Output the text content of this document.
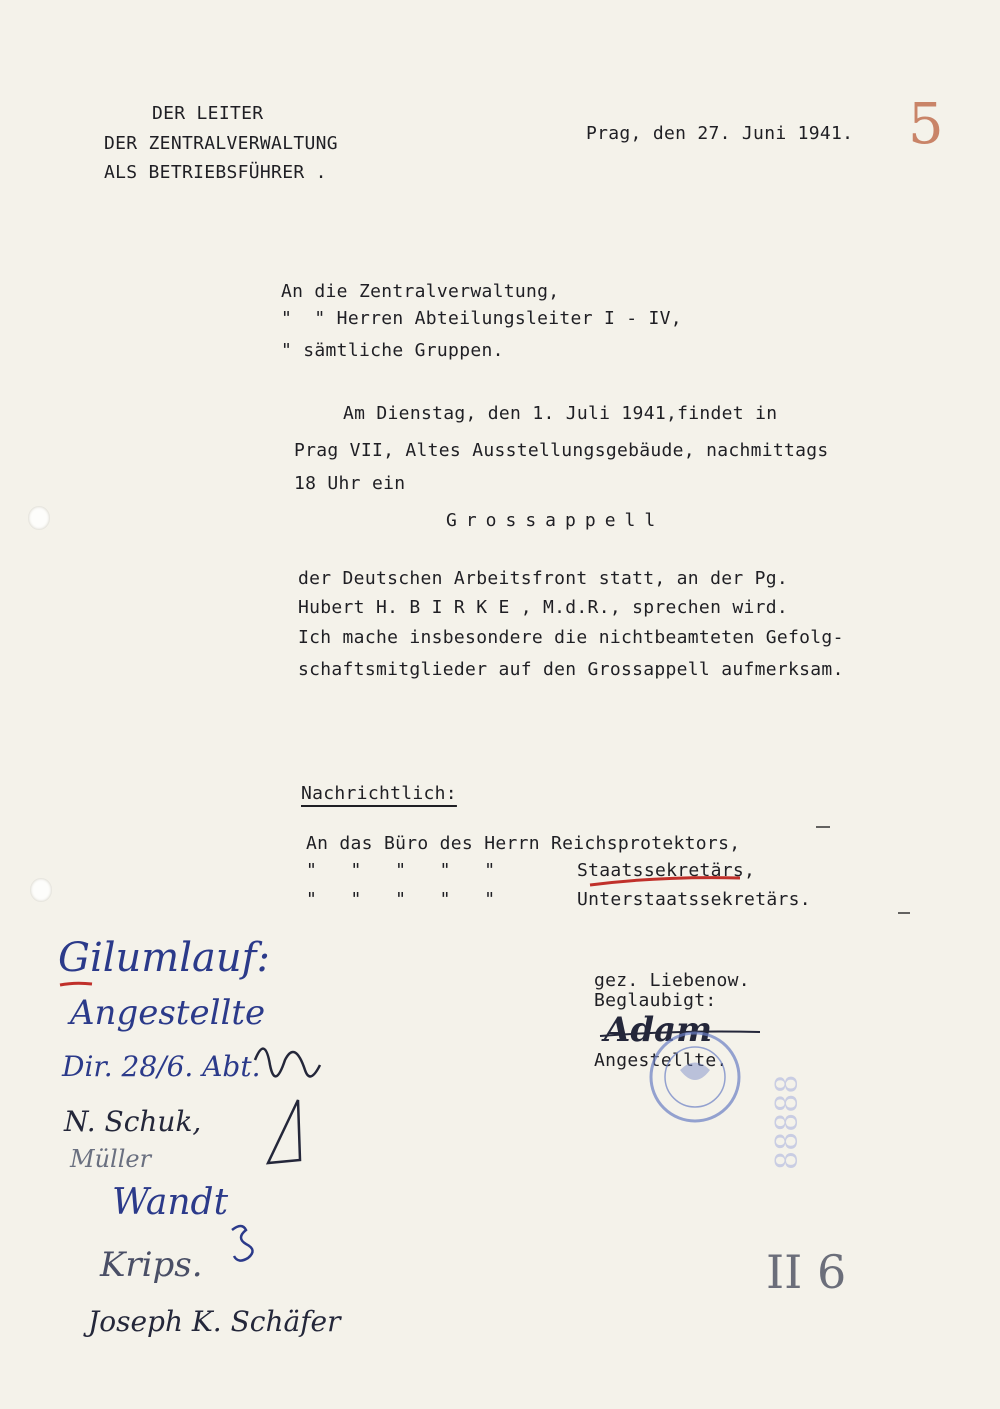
DER LEITER
DER ZENTRALVERWALTUNG
ALS BETRIEBSFÜHRER .
Prag, den 27. Juni 1941. 5
An die Zentralverwaltung,
"  " Herren Abteilungsleiter I - IV,
" sämtliche Gruppen.
Am Dienstag, den 1. Juli 1941,findet in
Prag VII, Altes Ausstellungsgebäude, nachmittags
18 Uhr ein
Grossappell
der Deutschen Arbeitsfront statt, an der Pg.
Hubert H. B I R K E , M.d.R., sprechen wird.
Ich mache insbesondere die nichtbeamteten Gefolg-
schaftsmitglieder auf den Grossappell aufmerksam.
Nachrichtlich:
An das Büro des Herrn Reichsprotektors,
"   "   "   "   "	Staatssekretärs,
"   "   "   "   "	Unterstaatssekretärs.
gez. Liebenow.
Beglaubigt:
Adam
Angestellte.
88888
Gilumlauf:
Angestellte
Dir. 28/6. Abt.
N. Schuk,
Müller
Wandt
Krips.
Joseph K. Schäfer
II 6
